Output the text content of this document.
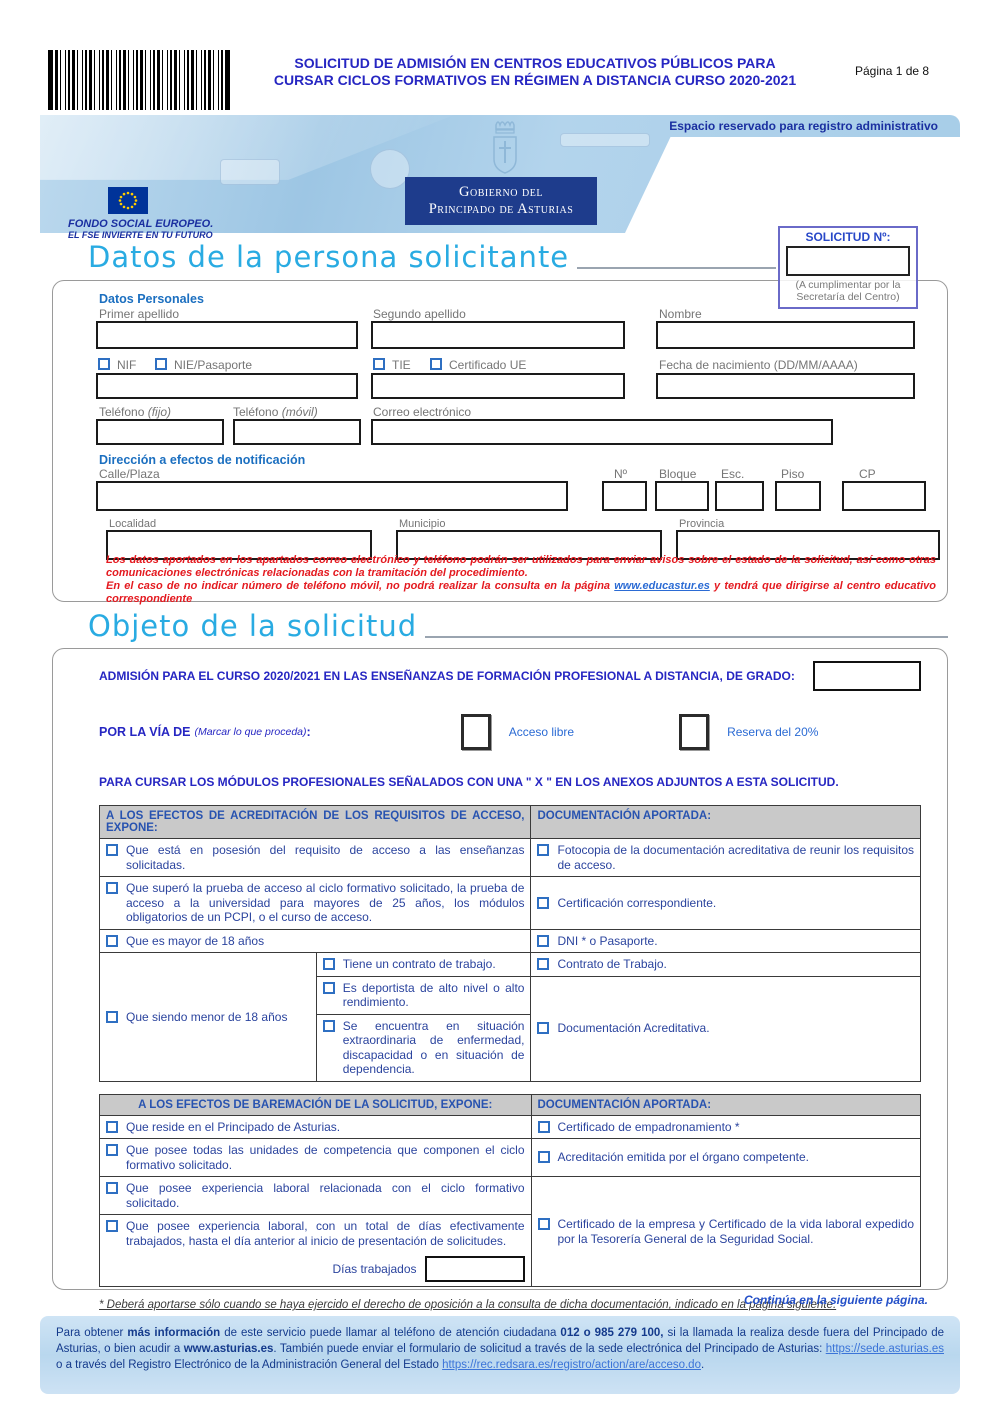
SOLICITUD DE ADMISIÓN EN CENTROS EDUCATIVOS PÚBLICOS PARA
CURSAR CICLOS FORMATIVOS EN RÉGIMEN A DISTANCIA CURSO 2020-2021
Página 1 de 8
Espacio reservado para registro administrativo
Gobierno del
Principado de Asturias
FONDO SOCIAL EUROPEO.
EL FSE INVIERTE EN TU FUTURO	SOLICITUD Nº:
(A cumplimentar por la
Secretaría del Centro)
Datos de la persona solicitante
Datos Personales
Primer apellido	Segundo apellido	Nombre
NIF	NIE/Pasaporte	TIE	Certificado UE	Fecha de nacimiento (DD/MM/AAAA)
Teléfono (fijo)	Teléfono (móvil)	Correo electrónico
Dirección a efectos de notificación
Calle/Plaza	Nº	Bloque Esc.	Piso	CP
Localidad	Municipio	Provincia
Los datos aportados en los apartados correo electrónico y teléfono podrán ser utilizados para enviar avisos sobre el estado de la solicitud, así como otras comunicaciones electrónicas relacionadas con la tramitación del procedimiento.
En el caso de no indicar número de teléfono móvil, no podrá realizar la consulta en la página www.educastur.es y tendrá que dirigirse al centro educativo correspondiente
Objeto de la solicitud
ADMISIÓN PARA EL CURSO 2020/2021 EN LAS ENSEÑANZAS DE FORMACIÓN PROFESIONAL A DISTANCIA, DE GRADO:
POR LA VÍA DE (Marcar lo que proceda) :	Acceso libre	Reserva del 20%
PARA CURSAR LOS MÓDULOS PROFESIONALES SEÑALADOS CON UNA " X " EN LOS ANEXOS ADJUNTOS A ESTA SOLICITUD.
A LOS EFECTOS DE ACREDITACIÓN DE LOS REQUISITOS DE ACCESO, EXPONE:		DOCUMENTACIÓN APORTADA:

Que está en posesión del requisito de acceso a las enseñanzas solicitadas.		Fotocopia de la documentación acreditativa de reunir los requisitos de acceso.

Que superó la prueba de acceso al ciclo formativo solicitado, la prueba de acceso a la universidad para mayores de 25 años, los módulos obligatorios de un PCPI, o el curso de acceso.		Certificación correspondiente.

Que es mayor de 18 años		DNI * o Pasaporte.

Que siendo menor de 18 años	Tiene un contrato de trabajo.	Contrato de Trabajo.

	Es deportista de alto nivel o alto rendimiento.	Documentación Acreditativa.

	Se encuentra en situación extraordinaria de enfermedad, discapacidad o en situación de dependencia.	
A LOS EFECTOS DE BAREMACIÓN DE LA SOLICITUD, EXPONE:	DOCUMENTACIÓN APORTADA:

Que reside en el Principado de Asturias.	Certificado de empadronamiento *

Que posee todas las unidades de competencia que componen el ciclo formativo solicitado.	Acreditación emitida por el órgano competente.

Que posee experiencia laboral relacionada con el ciclo formativo solicitado.	Certificado de la empresa y Certificado de la vida laboral expedido por la Tesorería General de la Seguridad Social.

Que posee experiencia laboral, con un total de días efectivamente trabajados, hasta el día anterior al inicio de presentación de solicitudes.
Días trabajados	
* Deberá aportarse sólo cuando se haya ejercido el derecho de oposición a la consulta de dicha documentación, indicado en la página siguiente.
Continúa en la siguiente página.
Para obtener más información de este servicio puede llamar al teléfono de atención ciudadana 012 o 985 279 100, si la llamada la realiza desde fuera del Principado de Asturias, o bien acudir a www.asturias.es. También puede enviar el formulario de solicitud a través de la sede electrónica del Principado de Asturias: https://sede.asturias.es o a través del Registro Electrónico de la Administración General del Estado https://rec.redsara.es/registro/action/are/acceso.do.
